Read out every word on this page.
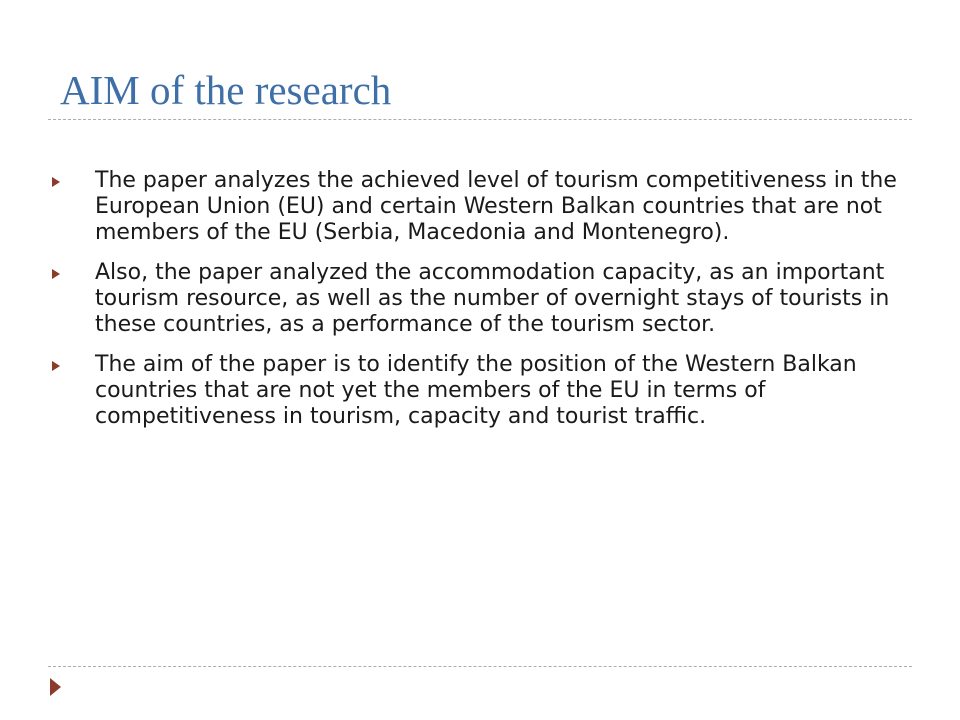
AIM of the research
The paper analyzes the achieved level of tourism competitiveness in the European Union (EU) and certain Western Balkan countries that are not members of the EU (Serbia, Macedonia and Montenegro).
Also, the paper analyzed the accommodation capacity, as an important tourism resource, as well as the number of overnight stays of tourists in these countries, as a performance of the tourism sector.
The aim of the paper is to identify the position of the Western Balkan countries that are not yet the members of the EU in terms of competitiveness in tourism, capacity and tourist traffic.
